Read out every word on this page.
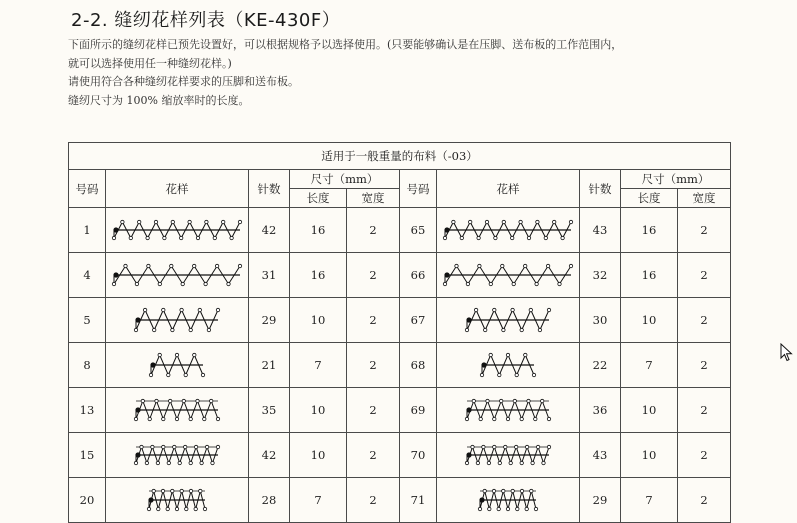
2-2. 缝纫花样列表（KE-430F）
下面所示的缝纫花样已预先设置好，可以根据规格予以选择使用。(只要能够确认是在压脚、送布板的工作范围内，
就可以选择使用任一种缝纫花样。)
请使用符合各种缝纫花样要求的压脚和送布板。
缝纫尺寸为 100% 缩放率时的长度。
适用于一般重量的布料（-03）									
号码	花样	针数	尺寸（mm）		号码	花样	针数	尺寸（mm）	
			长度	宽度				长度	宽度
1		42	16	2	65		43	16	2
4		31	16	2	66		32	16	2
5		29	10	2	67		30	10	2
8		21	7	2	68		22	7	2
13		35	10	2	69		36	10	2
15		42	10	2	70		43	10	2
20		28	7	2	71		29	7	2
